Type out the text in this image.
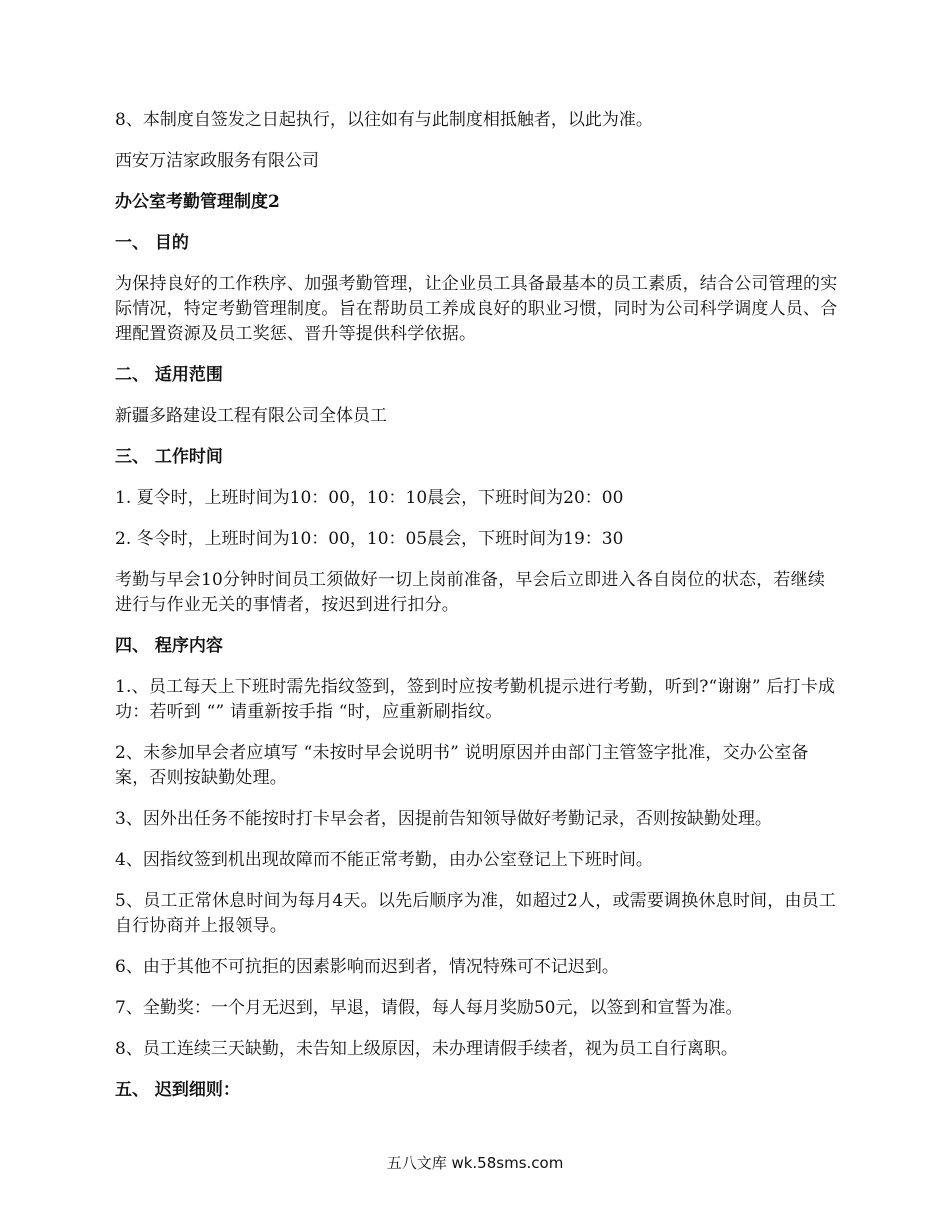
8、本制度自签发之日起执行，以往如有与此制度相抵触者，以此为准。

西安万洁家政服务有限公司

办公室考勤管理制度2

一、 目的

为保持良好的工作秩序、加强考勤管理，让企业员工具备最基本的员工素质，结合公司管理的实际情况，特定考勤管理制度。旨在帮助员工养成良好的职业习惯，同时为公司科学调度人员、合理配置资源及员工奖惩、晋升等提供科学依据。

二、 适用范围

新疆多路建设工程有限公司全体员工

三、 工作时间

1. 夏令时，上班时间为10：00，10：10晨会，下班时间为20：00

2. 冬令时，上班时间为10：00，10：05晨会，下班时间为19：30

考勤与早会10分钟时间员工须做好一切上岗前准备，早会后立即进入各自岗位的状态，若继续进行与作业无关的事情者，按迟到进行扣分。

四、 程序内容

1.、员工每天上下班时需先指纹签到，签到时应按考勤机提示进行考勤，听到?“谢谢” 后打卡成功：若听到 “” 请重新按手指 “时，应重新刷指纹。

2、未参加早会者应填写 “未按时早会说明书” 说明原因并由部门主管签字批准，交办公室备案，否则按缺勤处理。

3、因外出任务不能按时打卡早会者，因提前告知领导做好考勤记录，否则按缺勤处理。

4、因指纹签到机出现故障而不能正常考勤，由办公室登记上下班时间。

5、员工正常休息时间为每月4天。以先后顺序为准，如超过2人，或需要调换休息时间，由员工自行协商并上报领导。

6、由于其他不可抗拒的因素影响而迟到者，情况特殊可不记迟到。

7、全勤奖：一个月无迟到，早退，请假，每人每月奖励50元，以签到和宣誓为准。

8、员工连续三天缺勤，未告知上级原因，未办理请假手续者，视为员工自行离职。

五、 迟到细则：

五八文库 wk.58sms.com
